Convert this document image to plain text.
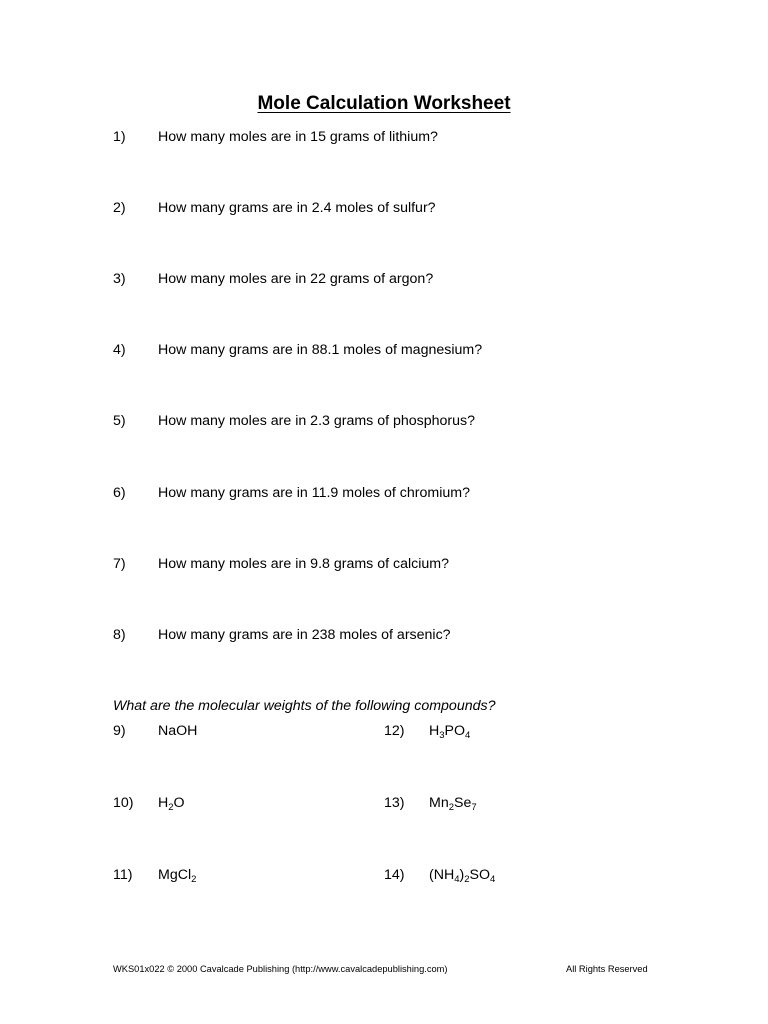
Mole Calculation Worksheet
1) How many moles are in 15 grams of lithium?
2) How many grams are in 2.4 moles of sulfur?
3) How many moles are in 22 grams of argon?
4) How many grams are in 88.1 moles of magnesium?
5) How many moles are in 2.3 grams of phosphorus?
6) How many grams are in 11.9 moles of chromium?
7) How many moles are in 9.8 grams of calcium?
8) How many grams are in 238 moles of arsenic?
What are the molecular weights of the following compounds?
9) NaOH
10) $H_2O$
11) MgCl$_2$
12) $H_3PO_4$
13) $Mn_2Se_7$
14) $(NH_4)_2SO_4$
WKS01x022 © 2000 Cavalcade Publishing (http://www.cavalcadepublishing.com)	All Rights Reserved
